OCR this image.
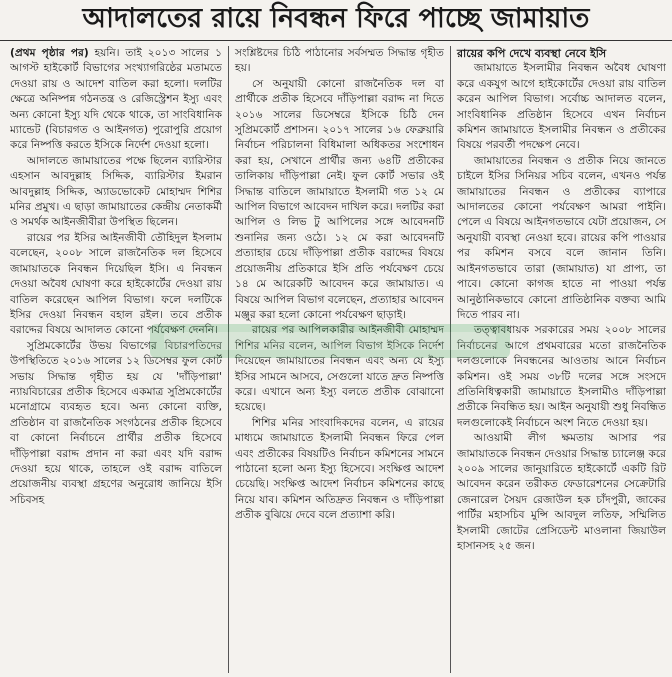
আদালতের রায়ে নিবন্ধন ফিরে পাচ্ছে জামায়াত

(প্রথম পৃষ্ঠার পর) হয়নি। তাই ২০১৩ সালের ১ আগস্ট হাইকোর্ট বিভাগের সংখ্যাগরিষ্ঠের মতামতে দেওয়া রায় ও আদেশ বাতিল করা হলো। দলটির ক্ষেত্রে অনিষ্পন্ন গঠনতন্ত্র ও রেজিস্ট্রেশন ইস্যু এবং অন্য কোনো ইস্যু যদি থেকে থাকে, তা সাংবিধানিক ম্যান্ডেট (বিচারগত ও আইনগত) পুরোপুরি প্রয়োগ করে নিষ্পত্তি করতে ইসিকে নির্দেশ দেওয়া হলো।

আদালতে জামায়াতের পক্ষে ছিলেন ব্যারিস্টার এহসান আবদুল্লাহ সিদ্দিক, ব্যারিস্টার ইমরান আবদুল্লাহ সিদ্দিক, অ্যাডভোকেট মোহাম্মদ শিশির মনির প্রমুখ। এ ছাড়া জামায়াতের কেন্দ্রীয় নেতাকর্মী ও সমর্থক আইনজীবীরা উপস্থিত ছিলেন।

রায়ের পর ইসির আইনজীবী তৌহিদুল ইসলাম বলেছেন, ২০০৮ সালে রাজনৈতিক দল হিসেবে জামায়াতকে নিবন্ধন দিয়েছিল ইসি। এ নিবন্ধন দেওয়া অবৈধ ঘোষণা করে হাইকোর্টের দেওয়া রায় বাতিল করেছেন আপিল বিভাগ। ফলে দলটিকে ইসির দেওয়া নিবন্ধন বহাল রইল। তবে প্রতীক বরাদ্দের বিষয়ে আদালত কোনো পর্যবেক্ষণ দেননি।

সুপ্রিমকোর্টের উভয় বিভাগের বিচারপতিদের উপস্থিতিতে ২০১৬ সালের ১২ ডিসেম্বর ফুল কোর্ট সভায় সিদ্ধান্ত গৃহীত হয় যে 'দাঁড়িপাল্লা' ন্যায়বিচারের প্রতীক হিসেবে একমাত্র সুপ্রিমকোর্টের মনোগ্রামে ব্যবহৃত হবে। অন্য কোনো ব্যক্তি, প্রতিষ্ঠান বা রাজনৈতিক সংগঠনের প্রতীক হিসেবে বা কোনো নির্বাচনে প্রার্থীর প্রতীক হিসেবে দাঁড়িপাল্লা বরাদ্দ প্রদান না করা এবং যদি বরাদ্দ দেওয়া হয়ে থাকে, তাহলে ওই বরাদ্দ বাতিলে প্রয়োজনীয় ব্যবস্থা গ্রহণের অনুরোধ জানিয়ে ইসি সচিবসহ

সংশ্লিষ্টদের চিঠি পাঠানোর সর্বসম্মত সিদ্ধান্ত গৃহীত হয়।

সে অনুযায়ী কোনো রাজনৈতিক দল বা প্রার্থীকে প্রতীক হিসেবে দাঁড়িপাল্লা বরাদ্দ না দিতে ২০১৬ সালের ডিসেম্বরে ইসিকে চিঠি দেন সুপ্রিমকোর্ট প্রশাসন। ২০১৭ সালের ১৬ ফেব্রুয়ারি নির্বাচন পরিচালনা বিধিমালা অধিকতর সংশোধন করা হয়, সেখানে প্রার্থীর জন্য ৬৪টি প্রতীকের তালিকায় দাঁড়িপাল্লা নেই। ফুল কোর্ট সভার ওই সিদ্ধান্ত বাতিলে জামায়াতে ইসলামী গত ১২ মে আপিল বিভাগে আবেদন দাখিল করে। দলটির করা আপিল ও লিভ টু আপিলের সঙ্গে আবেদনটি শুনানির জন্য ওঠে। ১২ মে করা আবেদনটি প্রত্যাহার চেয়ে দাঁড়িপাল্লা প্রতীক বরাদ্দের বিষয়ে প্রয়োজনীয় প্রতিকারে ইসি প্রতি পর্যবেক্ষণ চেয়ে ১৪ মে আরেকটি আবেদন করে জামায়াত। এ বিষয়ে আপিল বিভাগ বলেছেন, প্রত্যাহার আবেদন মঞ্জুর করা হলো কোনো পর্যবেক্ষণ ছাড়াই।

রায়ের পর আপিলকারীর আইনজীবী মোহাম্মদ শিশির মনির বলেন, আপিল বিভাগ ইসিকে নির্দেশ দিয়েছেন জামায়াতের নিবন্ধন এবং অন্য যে ইস্যু ইসির সামনে আসবে, সেগুলো যাতে দ্রুত নিষ্পত্তি করে। এখানে অন্য ইস্যু বলতে প্রতীক বোঝানো হয়েছে।

শিশির মনির সাংবাদিকদের বলেন, এ রায়ের মাধ্যমে জামায়াতে ইসলামী নিবন্ধন ফিরে পেল এবং প্রতীকের বিষয়টিও নির্বাচন কমিশনের সামনে পাঠানো হলো অন্য ইস্যু হিসেবে। সংক্ষিপ্ত আদেশ চেয়েছি। সংক্ষিপ্ত আদেশ নির্বাচন কমিশনের কাছে নিয়ে যাব। কমিশন অতিদ্রুত নিবন্ধন ও দাঁড়িপাল্লা প্রতীক বুঝিয়ে দেবে বলে প্রত্যাশা করি।

রায়ের কপি দেখে ব্যবস্থা নেবে ইসি

জামায়াতে ইসলামীর নিবন্ধন অবৈধ ঘোষণা করে একযুগ আগে হাইকোর্টের দেওয়া রায় বাতিল করেন আপিল বিভাগ। সর্বোচ্চ আদালত বলেন, সাংবিধানিক প্রতিষ্ঠান হিসেবে এখন নির্বাচন কমিশন জামায়াতে ইসলামীর নিবন্ধন ও প্রতীকের বিষয়ে পরবর্তী পদক্ষেপ নেবে।

জামায়াতের নিবন্ধন ও প্রতীক নিয়ে জানতে চাইলে ইসির সিনিয়র সচিব বলেন, এখনও পর্যন্ত জামায়াতের নিবন্ধন ও প্রতীকের ব্যাপারে আদালতের কোনো পর্যবেক্ষণ আমরা পাইনি। পেলে এ বিষয়ে আইনগতভাবে যেটা প্রয়োজন, সে অনুযায়ী ব্যবস্থা নেওয়া হবে। রায়ের কপি পাওয়ার পর কমিশন বসবে বলে জানান তিনি। আইনগতভাবে তারা (জামায়াত) যা প্রাপ্য, তা পাবে। কোনো কাগজ হাতে না পাওয়া পর্যন্ত আনুষ্ঠানিকভাবে কোনো প্রাতিষ্ঠানিক বক্তব্য আমি দিতে পারব না।

তত্ত্বাবধায়ক সরকারের সময় ২০০৮ সালের নির্বাচনের আগে প্রথমবারের মতো রাজনৈতিক দলগুলোকে নিবন্ধনের আওতায় আনে নির্বাচন কমিশন। ওই সময় ৩৮টি দলের সঙ্গে সংসদে প্রতিনিধিত্বকারী জামায়াতে ইসলামীও দাঁড়িপাল্লা প্রতীকে নিবন্ধিত হয়। আইন অনুযায়ী শুধু নিবন্ধিত দলগুলোকেই নির্বাচনে অংশ নিতে দেওয়া হয়।

আওয়ামী লীগ ক্ষমতায় আসার পর জামায়াতকে নিবন্ধন দেওয়ার সিদ্ধান্ত চ্যালেঞ্জ করে ২০০৯ সালের জানুয়ারিতে হাইকোর্টে একটি রিট আবেদন করেন তরীকত ফেডারেশনের সেক্রেটারি জেনারেল সৈয়দ রেজাউল হক চাঁদপুরী, জাকের পার্টির মহাসচিব মুন্সি আবদুল লতিফ, সম্মিলিত ইসলামী জোটের প্রেসিডেন্ট মাওলানা জিয়াউল হাসানসহ ২৫ জন।
